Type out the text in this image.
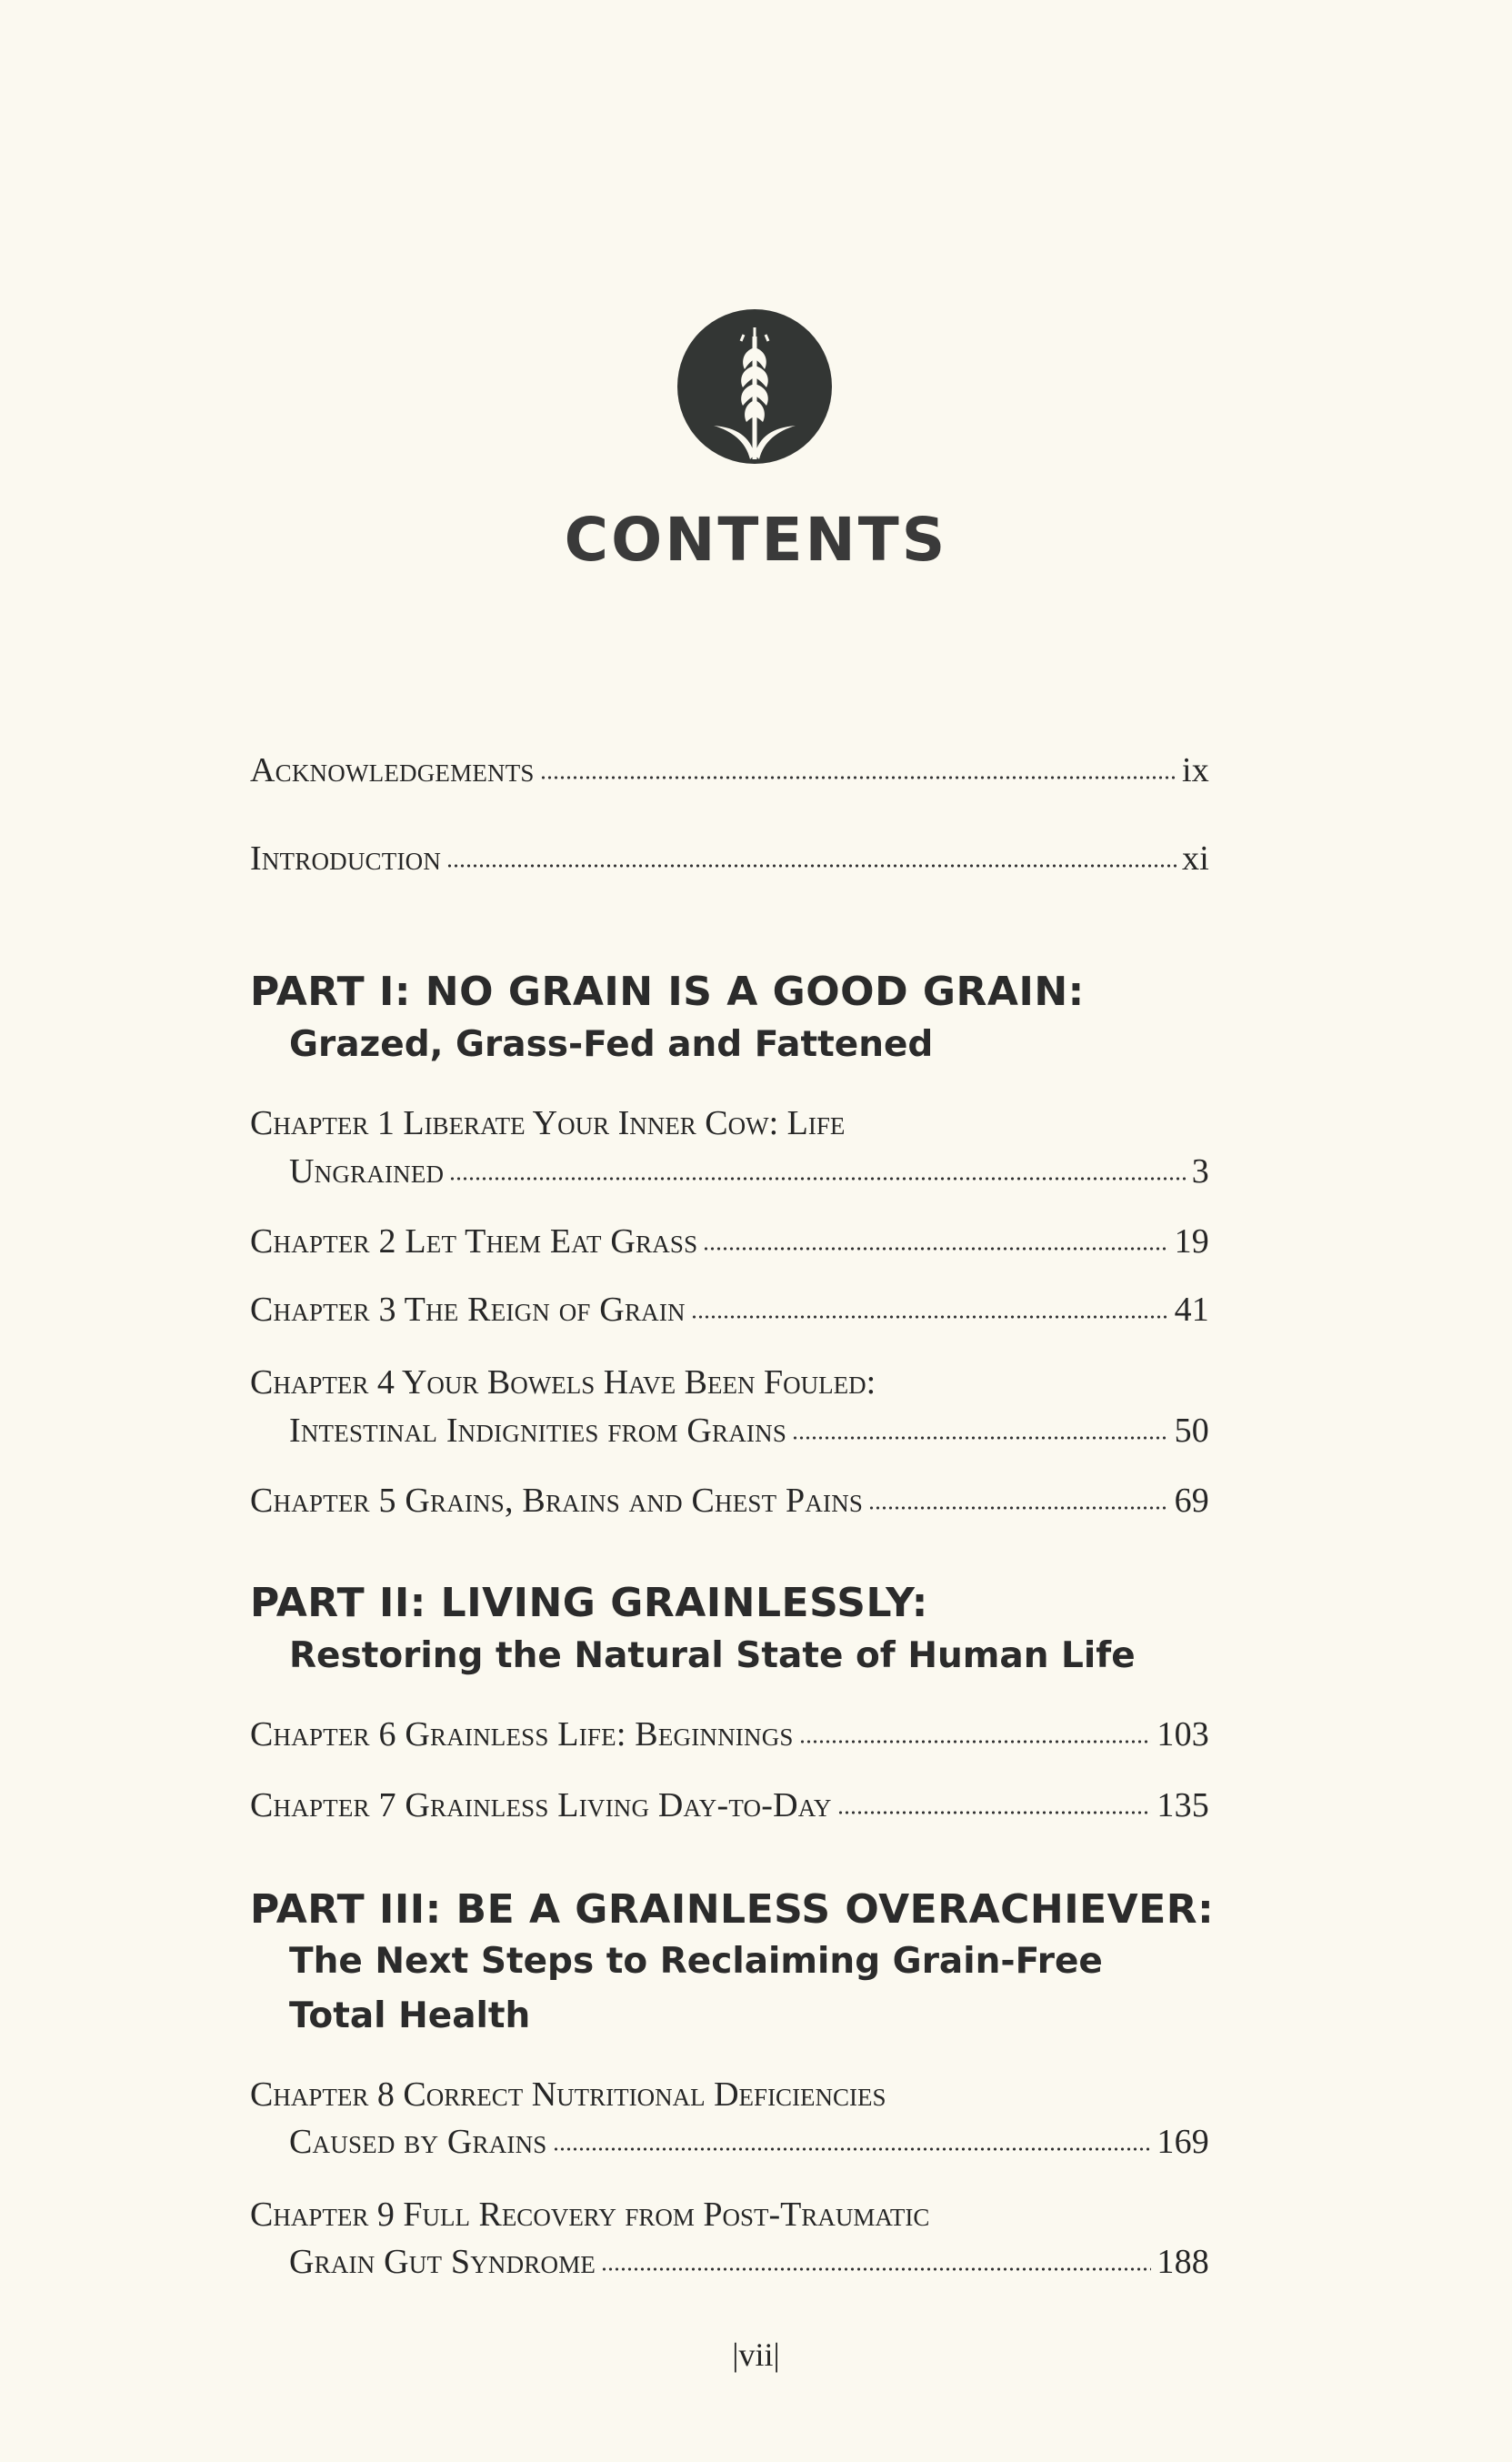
CONTENTS
Acknowledgements	ix
Introduction	xi
PART I: NO GRAIN IS A GOOD GRAIN:
Grazed, Grass-Fed and Fattened
Chapter 1 Liberate Your Inner Cow: Life
Ungrained	3
Chapter 2 Let Them Eat Grass	19
Chapter 3 The Reign of Grain	41
Chapter 4 Your Bowels Have Been Fouled:
Intestinal Indignities from Grains	50
Chapter 5 Grains, Brains and Chest Pains	69
PART II: LIVING GRAINLESSLY:
Restoring the Natural State of Human Life
Chapter 6 Grainless Life: Beginnings	103
Chapter 7 Grainless Living Day-to-Day	135
PART III: BE A GRAINLESS OVERACHIEVER:
The Next Steps to Reclaiming Grain-Free
Total Health
Chapter 8 Correct Nutritional Deficiencies
Caused by Grains	169
Chapter 9 Full Recovery from Post-Traumatic
Grain Gut Syndrome	188
|vii|
